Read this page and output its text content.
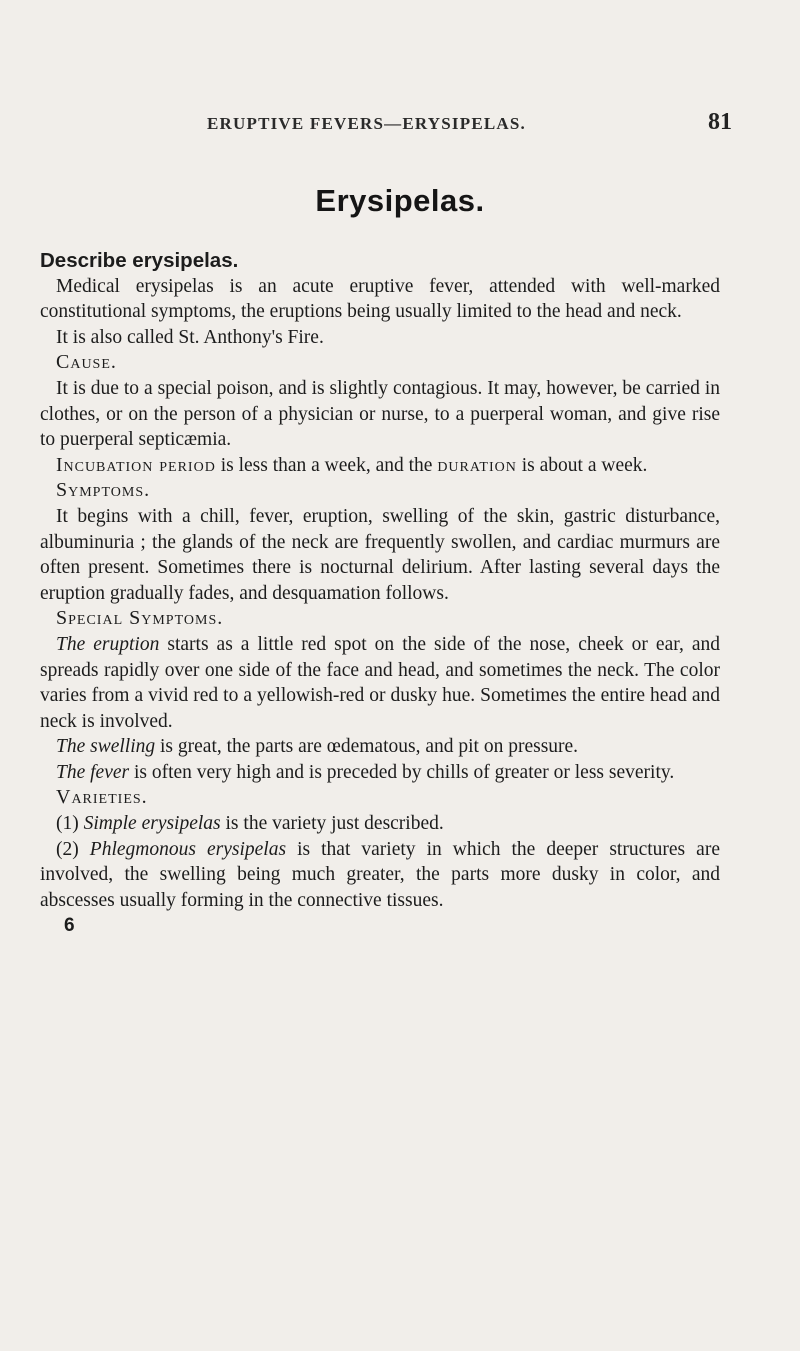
ERUPTIVE FEVERS—ERYSIPELAS.	81
Erysipelas.

Describe erysipelas.

Medical erysipelas is an acute eruptive fever, attended with well-marked constitutional symptoms, the eruptions being usually limited to the head and neck.

It is also called St. Anthony's Fire.

Cause.

It is due to a special poison, and is slightly contagious. It may, however, be carried in clothes, or on the person of a physician or nurse, to a puerperal woman, and give rise to puerperal septicæmia.

Incubation period is less than a week, and the duration is about a week.

Symptoms.

It begins with a chill, fever, eruption, swelling of the skin, gastric disturbance, albuminuria ; the glands of the neck are frequently swollen, and cardiac murmurs are often present. Sometimes there is nocturnal delirium. After lasting several days the eruption gradually fades, and desquamation follows.

Special Symptoms.

The eruption starts as a little red spot on the side of the nose, cheek or ear, and spreads rapidly over one side of the face and head, and sometimes the neck. The color varies from a vivid red to a yellowish-red or dusky hue. Sometimes the entire head and neck is involved.

The swelling is great, the parts are œdematous, and pit on pressure.

The fever is often very high and is preceded by chills of greater or less severity.

Varieties.

(1) Simple erysipelas is the variety just described.

(2) Phlegmonous erysipelas is that variety in which the deeper structures are involved, the swelling being much greater, the parts more dusky in color, and abscesses usually forming in the connective tissues.

6
